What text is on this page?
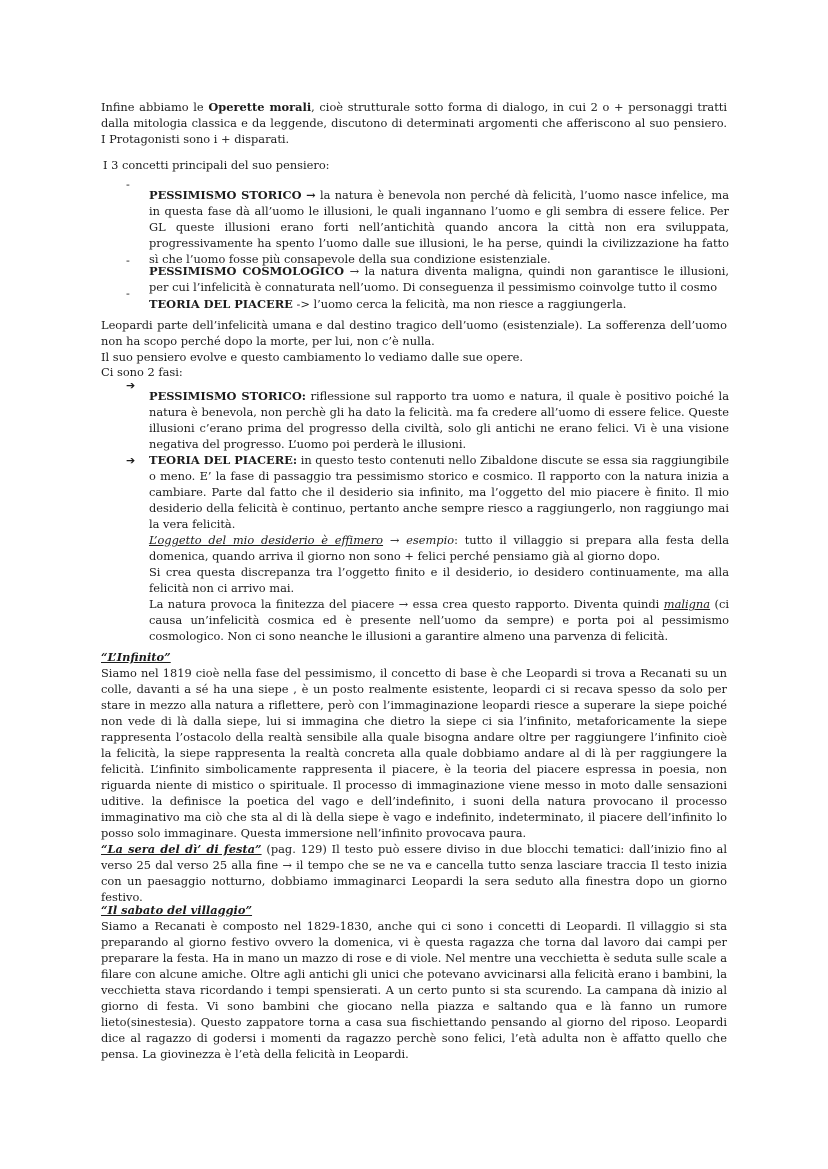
Infine abbiamo le Operette morali, cioè strutturale sotto forma di dialogo, in cui 2 o + personaggi tratti dalla mitologia classica e da leggende, discutono di determinati argomenti che afferiscono al suo pensiero. I Protagonisti sono i + disparati.

I 3 concetti principali del suo pensiero:

-

PESSIMISMO STORICO → la natura è benevola non perché dà felicità, l’uomo nasce infelice, ma in questa fase dà all’uomo le illusioni, le quali ingannano l’uomo e gli sembra di essere felice. Per GL queste illusioni erano forti nell’antichità quando ancora la città non era sviluppata, progressivamente ha spento l’uomo dalle sue illusioni, le ha perse, quindi la civilizzazione ha fatto sì che l’uomo fosse più consapevole della sua condizione esistenziale.

-

PESSIMISMO COSMOLOGICO → la natura diventa maligna, quindi non garantisce le illusioni, per cui l’infelicità è connaturata nell’uomo. Di conseguenza il pessimismo coinvolge tutto il cosmo

-

TEORIA DEL PIACERE -> l’uomo cerca la felicità, ma non riesce a raggiungerla.

Leopardi parte dell’infelicità umana e dal destino tragico dell’uomo (esistenziale). La sofferenza dell’uomo non ha scopo perché dopo la morte, per lui, non c’è nulla.

Il suo pensiero evolve e questo cambiamento lo vediamo dalle sue opere.

Ci sono 2 fasi:

➔

PESSIMISMO STORICO: riflessione sul rapporto tra uomo e natura, il quale è positivo poiché la natura è benevola, non perchè gli ha dato la felicità. ma fa credere all’uomo di essere felice. Queste illusioni c’erano prima del progresso della civiltà, solo gli antichi ne erano felici. Vi è una visione negativa del progresso. L’uomo poi perderà le illusioni.

➔ TEORIA DEL PIACERE: in questo testo contenuti nello Zibaldone discute se essa sia raggiungibile o meno. E’ la fase di passaggio tra pessimismo storico e cosmico. Il rapporto con la natura inizia a cambiare. Parte dal fatto che il desiderio sia infinito, ma l’oggetto del mio piacere è finito. Il mio desiderio della felicità è continuo, pertanto anche sempre riesco a raggiungerlo, non raggiungo mai la vera felicità.
L’oggetto del mio desiderio è effimero → esempio: tutto il villaggio si prepara alla festa della domenica, quando arriva il giorno non sono + felici perché pensiamo già al giorno dopo.
Si crea questa discrepanza tra l’oggetto finito e il desiderio, io desidero continuamente, ma alla felicità non ci arrivo mai.
La natura provoca la finitezza del piacere → essa crea questo rapporto. Diventa quindi maligna (ci causa un’infelicità cosmica ed è presente nell’uomo da sempre) e porta poi al pessimismo cosmologico. Non ci sono neanche le illusioni a garantire almeno una parvenza di felicità.

“L’Infinito”

Siamo nel 1819 cioè nella fase del pessimismo, il concetto di base è che Leopardi si trova a Recanati su un colle, davanti a sé ha una siepe , è un posto realmente esistente, leopardi ci si recava spesso da solo per stare in mezzo alla natura a riflettere, però con l’immaginazione leopardi riesce a superare la siepe poiché non vede di là dalla siepe, lui si immagina che dietro la siepe ci sia l’infinito, metaforicamente la siepe rappresenta l’ostacolo della realtà sensibile alla quale bisogna andare oltre per raggiungere l’infinito cioè la felicità, la siepe rappresenta la realtà concreta alla quale dobbiamo andare al di là per raggiungere la felicità. L’infinito simbolicamente rappresenta il piacere, è la teoria del piacere espressa in poesia, non riguarda niente di mistico o spirituale. Il processo di immaginazione viene messo in moto dalle sensazioni uditive. la definisce la poetica del vago e dell’indefinito, i suoni della natura provocano il processo immaginativo ma ciò che sta al di là della siepe è vago e indefinito, indeterminato, il piacere dell’infinito lo posso solo immaginare. Questa immersione nell’infinito provocava paura.

“La sera del dì’ di festa” (pag. 129) Il testo può essere diviso in due blocchi tematici: dall’inizio fino al verso 25 dal verso 25 alla fine → il tempo che se ne va e cancella tutto senza lasciare traccia Il testo inizia con un paesaggio notturno, dobbiamo immaginarci Leopardi la sera seduto alla finestra dopo un giorno festivo.

“Il sabato del villaggio”

Siamo a Recanati è composto nel 1829-1830, anche qui ci sono i concetti di Leopardi. Il villaggio si sta preparando al giorno festivo ovvero la domenica, vi è questa ragazza che torna dal lavoro dai campi per preparare la festa. Ha in mano un mazzo di rose e di viole. Nel mentre una vecchietta è seduta sulle scale a filare con alcune amiche. Oltre agli antichi gli unici che potevano avvicinarsi alla felicità erano i bambini, la vecchietta stava ricordando i tempi spensierati. A un certo punto si sta scurendo. La campana dà inizio al giorno di festa. Vi sono bambini che giocano nella piazza e saltando qua e là fanno un rumore lieto(sinestesia). Questo zappatore torna a casa sua fischiettando pensando al giorno del riposo. Leopardi dice al ragazzo di godersi i momenti da ragazzo perchè sono felici, l’età adulta non è affatto quello che pensa. La giovinezza è l’età della felicità in Leopardi.
